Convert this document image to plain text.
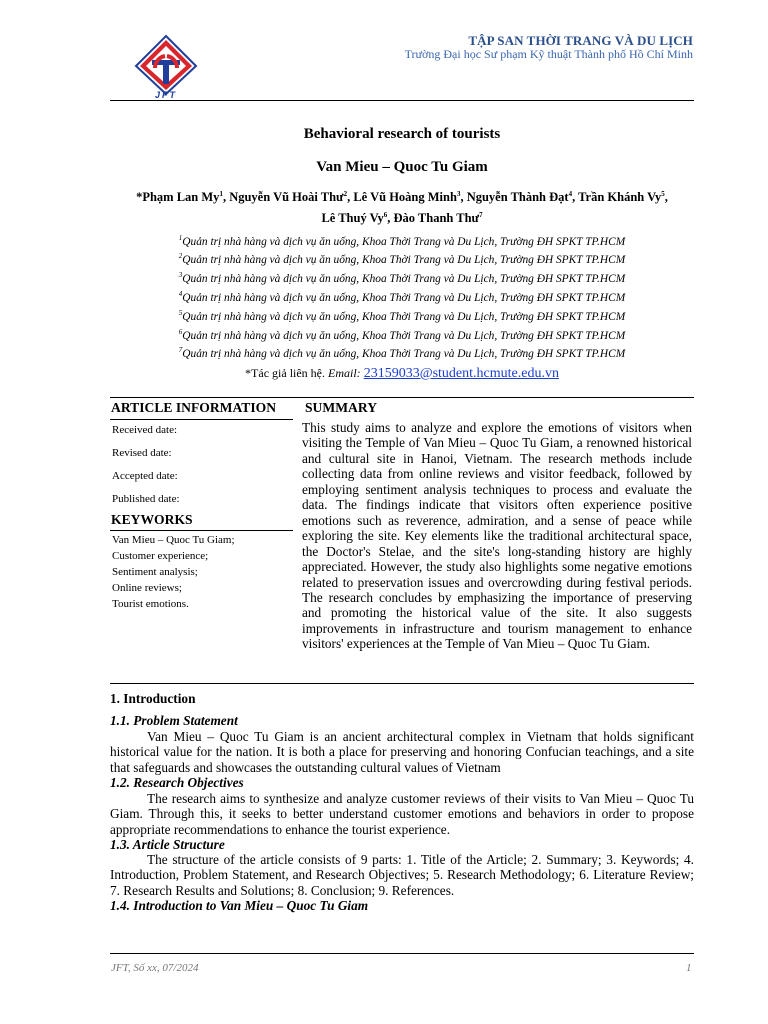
JFT
TẬP SAN THỜI TRANG VÀ DU LỊCH
Trường Đại học Sư phạm Kỹ thuật Thành phố Hồ Chí Minh
Behavioral research of tourists
Van Mieu – Quoc Tu Giam
*Phạm Lan My$^1$, Nguyễn Vũ Hoài Thư$^2$, Lê Vũ Hoàng Minh$^3$, Nguyễn Thành Đạt$^4$, Trần Khánh Vy$^5$,
Lê Thuý Vy$^6$, Đào Thanh Thư$^7$
$^1$Quản trị nhà hàng và dịch vụ ăn uống, Khoa Thời Trang và Du Lịch, Trường ĐH SPKT TP.HCM
$^2$Quản trị nhà hàng và dịch vụ ăn uống, Khoa Thời Trang và Du Lịch, Trường ĐH SPKT TP.HCM
$^3$Quản trị nhà hàng và dịch vụ ăn uống, Khoa Thời Trang và Du Lịch, Trường ĐH SPKT TP.HCM
$^4$Quản trị nhà hàng và dịch vụ ăn uống, Khoa Thời Trang và Du Lịch, Trường ĐH SPKT TP.HCM
$^5$Quản trị nhà hàng và dịch vụ ăn uống, Khoa Thời Trang và Du Lịch, Trường ĐH SPKT TP.HCM
$^6$Quản trị nhà hàng và dịch vụ ăn uống, Khoa Thời Trang và Du Lịch, Trường ĐH SPKT TP.HCM
$^7$Quản trị nhà hàng và dịch vụ ăn uống, Khoa Thời Trang và Du Lịch, Trường ĐH SPKT TP.HCM
*Tác giả liên hệ. Email: 23159033@student.hcmute.edu.vn
ARTICLE INFORMATION SUMMARY
Received date:
Revised date:
Accepted date:
Published date:
KEYWORKS
Van Mieu – Quoc Tu Giam;
Customer experience;
Sentiment analysis;
Online reviews;
Tourist emotions.
This study aims to analyze and explore the emotions of visitors when visiting the Temple of Van Mieu – Quoc Tu Giam, a renowned historical and cultural site in Hanoi, Vietnam. The research methods include collecting data from online reviews and visitor feedback, followed by employing sentiment analysis techniques to process and evaluate the data. The findings indicate that visitors often experience positive emotions such as reverence, admiration, and a sense of peace while exploring the site. Key elements like the traditional architectural space, the Doctor's Stelae, and the site's long-standing history are highly appreciated. However, the study also highlights some negative emotions related to preservation issues and overcrowding during festival periods. The research concludes by emphasizing the importance of preserving and promoting the historical value of the site. It also suggests improvements in infrastructure and tourism management to enhance visitors' experiences at the Temple of Van Mieu – Quoc Tu Giam.
1. Introduction
1.1. Problem Statement
Van Mieu – Quoc Tu Giam is an ancient architectural complex in Vietnam that holds significant historical value for the nation. It is both a place for preserving and honoring Confucian teachings, and a site that safeguards and showcases the outstanding cultural values of Vietnam
1.2. Research Objectives
The research aims to synthesize and analyze customer reviews of their visits to Van Mieu – Quoc Tu Giam. Through this, it seeks to better understand customer emotions and behaviors in order to propose appropriate recommendations to enhance the tourist experience.
1.3. Article Structure
The structure of the article consists of 9 parts: 1. Title of the Article; 2. Summary; 3. Keywords; 4. Introduction, Problem Statement, and Research Objectives; 5. Research Methodology; 6. Literature Review; 7. Research Results and Solutions; 8. Conclusion; 9. References.
1.4. Introduction to Van Mieu – Quoc Tu Giam
JFT, Số xx, 07/2024	1
